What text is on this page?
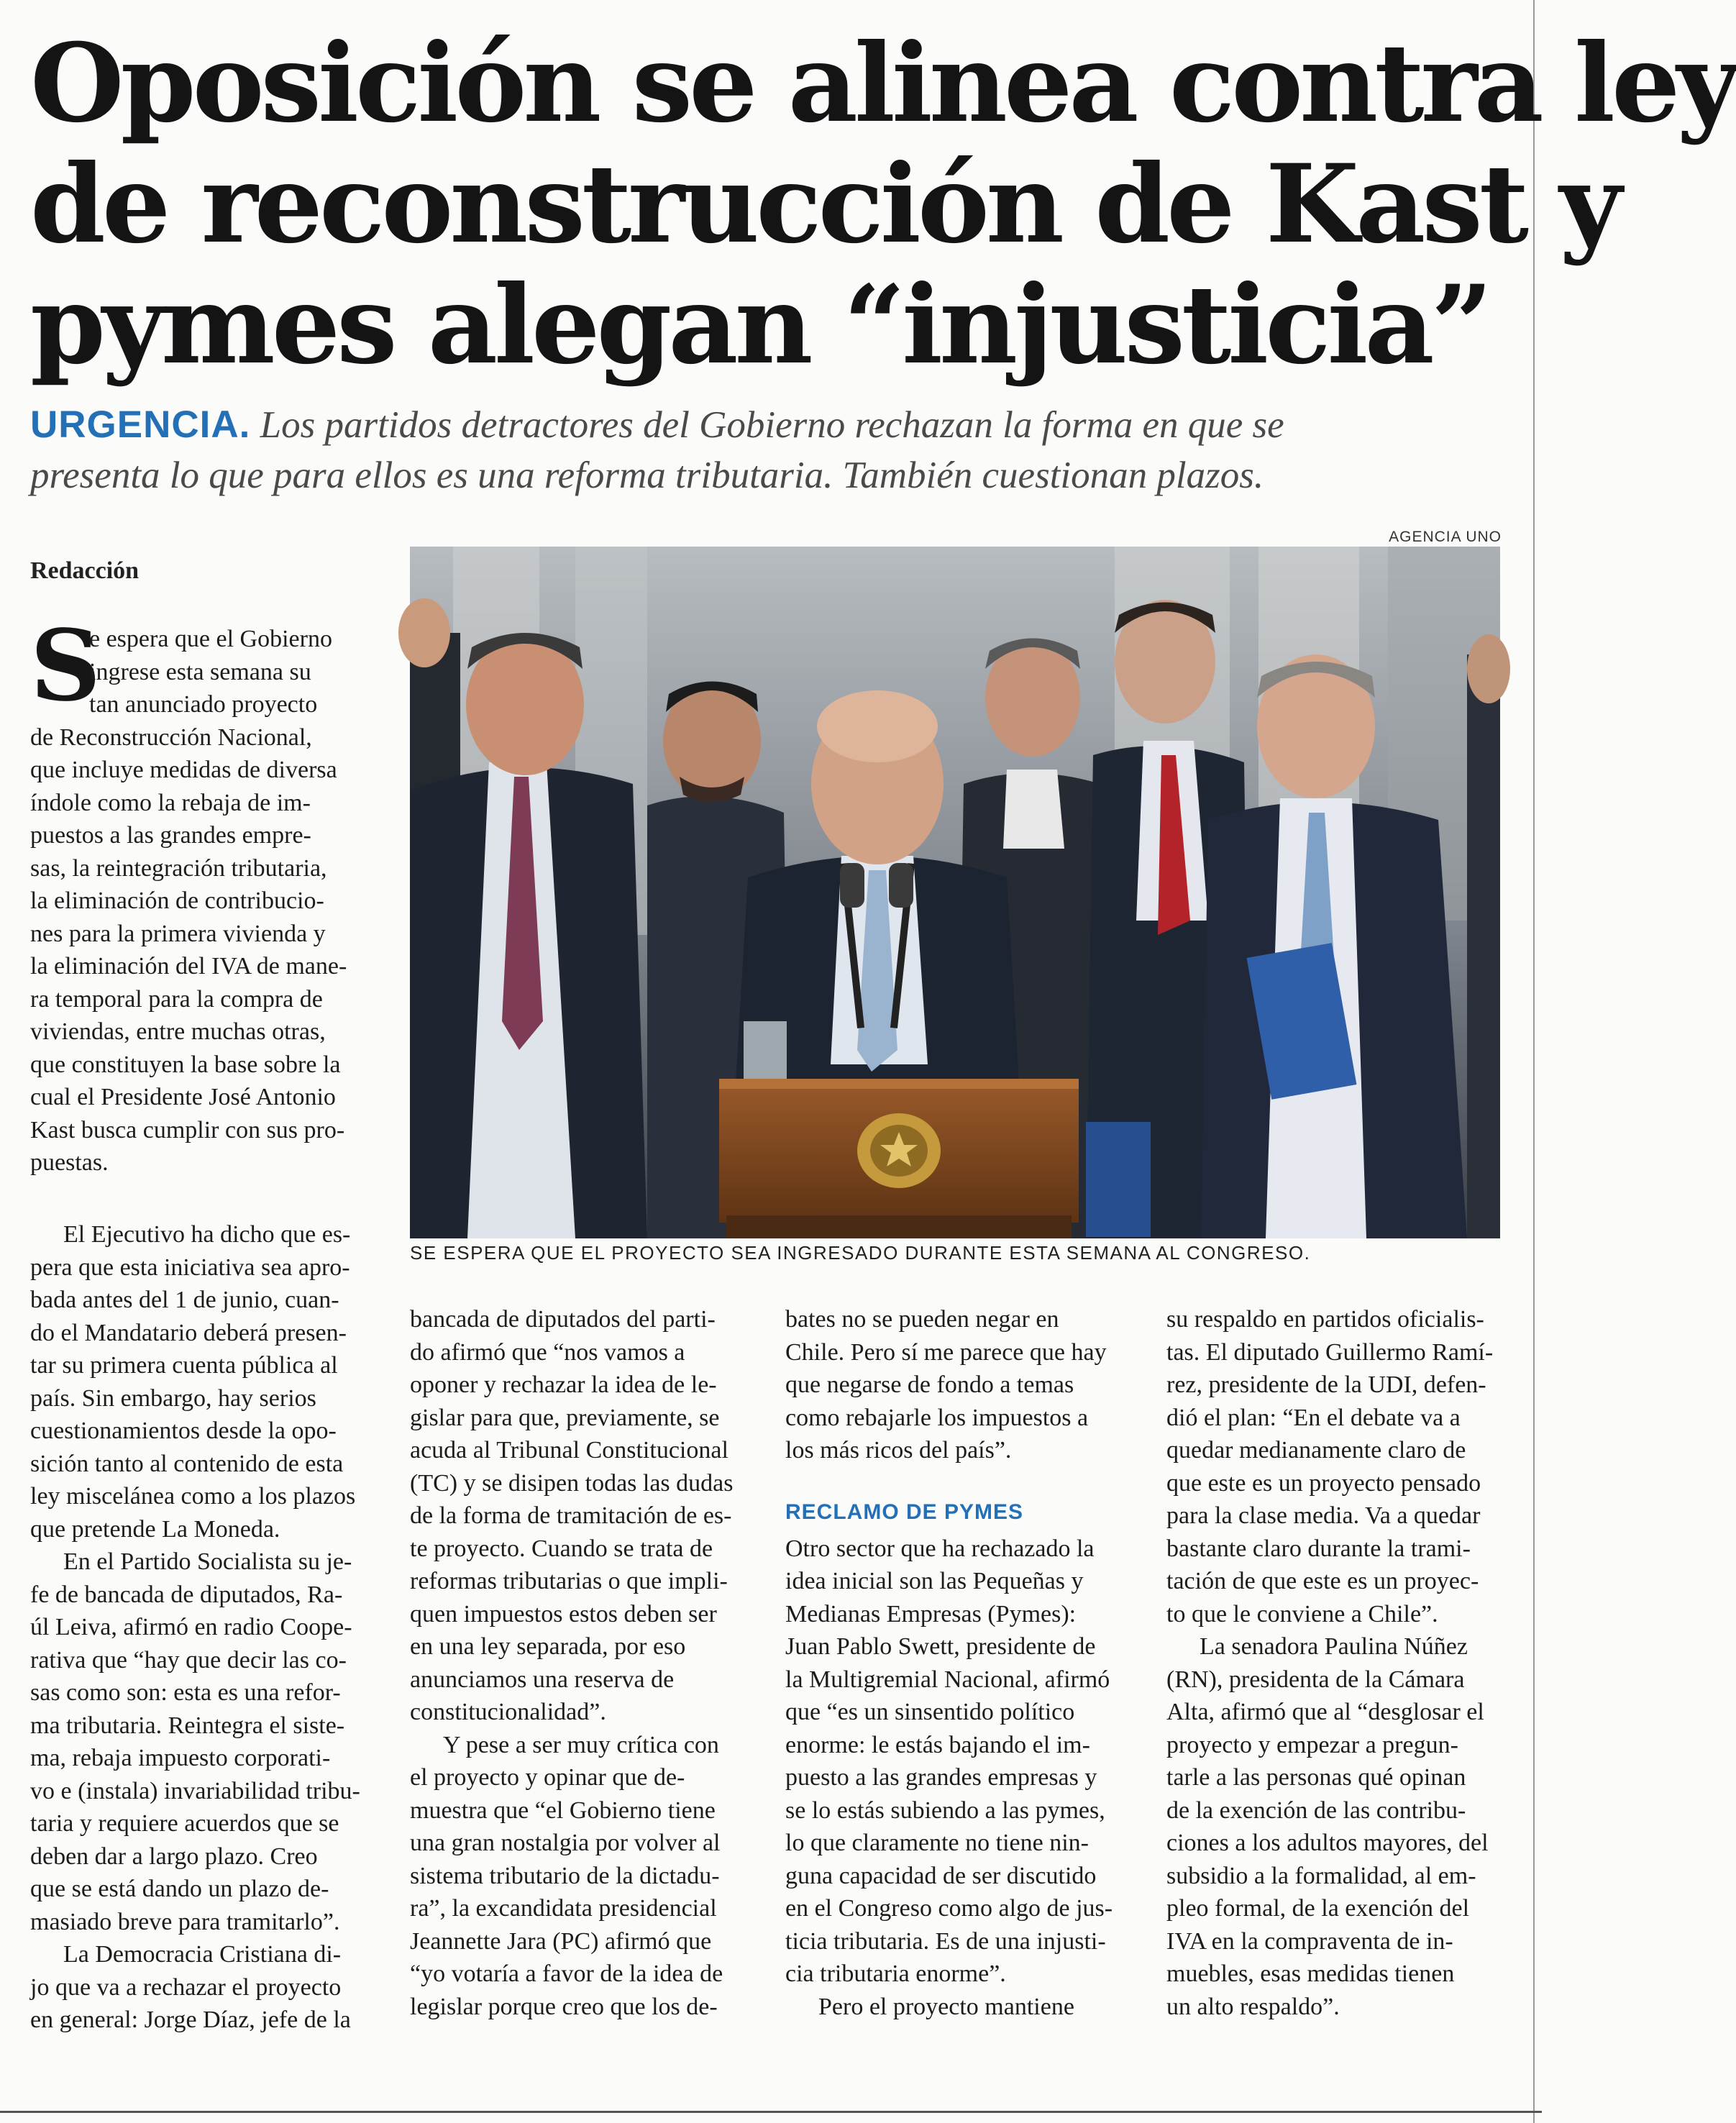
Oposición se alinea contra ley
de reconstrucción de Kast y
pymes alegan “injusticia”
URGENCIA. Los partidos detractores del Gobierno rechazan la forma en que se
presenta lo que para ellos es una reforma tributaria. También cuestionan plazos.
AGENCIA UNO
SE ESPERA QUE EL PROYECTO SEA INGRESADO DURANTE ESTA SEMANA AL CONGRESO.
Redacción
S
e espera que el Gobierno
ingrese esta semana su
tan anunciado proyecto
de Reconstrucción Nacional,
que incluye medidas de diversa
índole como la rebaja de im-
puestos a las grandes empre-
sas, la reintegración tributaria,
la eliminación de contribucio-
nes para la primera vivienda y
la eliminación del IVA de mane-
ra temporal para la compra de
viviendas, entre muchas otras,
que constituyen la base sobre la
cual el Presidente José Antonio
Kast busca cumplir con sus pro-
puestas.
El Ejecutivo ha dicho que es-
pera que esta iniciativa sea apro-
bada antes del 1 de junio, cuan-
do el Mandatario deberá presen-
tar su primera cuenta pública al
país. Sin embargo, hay serios
cuestionamientos desde la opo-
sición tanto al contenido de esta
ley miscelánea como a los plazos
que pretende La Moneda.
En el Partido Socialista su je-
fe de bancada de diputados, Ra-
úl Leiva, afirmó en radio Coope-
rativa que “hay que decir las co-
sas como son: esta es una refor-
ma tributaria. Reintegra el siste-
ma, rebaja impuesto corporati-
vo e (instala) invariabilidad tribu-
taria y requiere acuerdos que se
deben dar a largo plazo. Creo
que se está dando un plazo de-
masiado breve para tramitarlo”.
La Democracia Cristiana di-
jo que va a rechazar el proyecto
en general: Jorge Díaz, jefe de la
bancada de diputados del parti-
do afirmó que “nos vamos a
oponer y rechazar la idea de le-
gislar para que, previamente, se
acuda al Tribunal Constitucional
(TC) y se disipen todas las dudas
de la forma de tramitación de es-
te proyecto. Cuando se trata de
reformas tributarias o que impli-
quen impuestos estos deben ser
en una ley separada, por eso
anunciamos una reserva de
constitucionalidad”.
Y pese a ser muy crítica con
el proyecto y opinar que de-
muestra que “el Gobierno tiene
una gran nostalgia por volver al
sistema tributario de la dictadu-
ra”, la excandidata presidencial
Jeannette Jara (PC) afirmó que
“yo votaría a favor de la idea de
legislar porque creo que los de-
bates no se pueden negar en
Chile. Pero sí me parece que hay
que negarse de fondo a temas
como rebajarle los impuestos a
los más ricos del país”.
RECLAMO DE PYMES
Otro sector que ha rechazado la
idea inicial son las Pequeñas y
Medianas Empresas (Pymes):
Juan Pablo Swett, presidente de
la Multigremial Nacional, afirmó
que “es un sinsentido político
enorme: le estás bajando el im-
puesto a las grandes empresas y
se lo estás subiendo a las pymes,
lo que claramente no tiene nin-
guna capacidad de ser discutido
en el Congreso como algo de jus-
ticia tributaria. Es de una injusti-
cia tributaria enorme”.
Pero el proyecto mantiene
su respaldo en partidos oficialis-
tas. El diputado Guillermo Ramí-
rez, presidente de la UDI, defen-
dió el plan: “En el debate va a
quedar medianamente claro de
que este es un proyecto pensado
para la clase media. Va a quedar
bastante claro durante la trami-
tación de que este es un proyec-
to que le conviene a Chile”.
La senadora Paulina Núñez
(RN), presidenta de la Cámara
Alta, afirmó que al “desglosar el
proyecto y empezar a pregun-
tarle a las personas qué opinan
de la exención de las contribu-
ciones a los adultos mayores, del
subsidio a la formalidad, al em-
pleo formal, de la exención del
IVA en la compraventa de in-
muebles, esas medidas tienen
un alto respaldo”.
